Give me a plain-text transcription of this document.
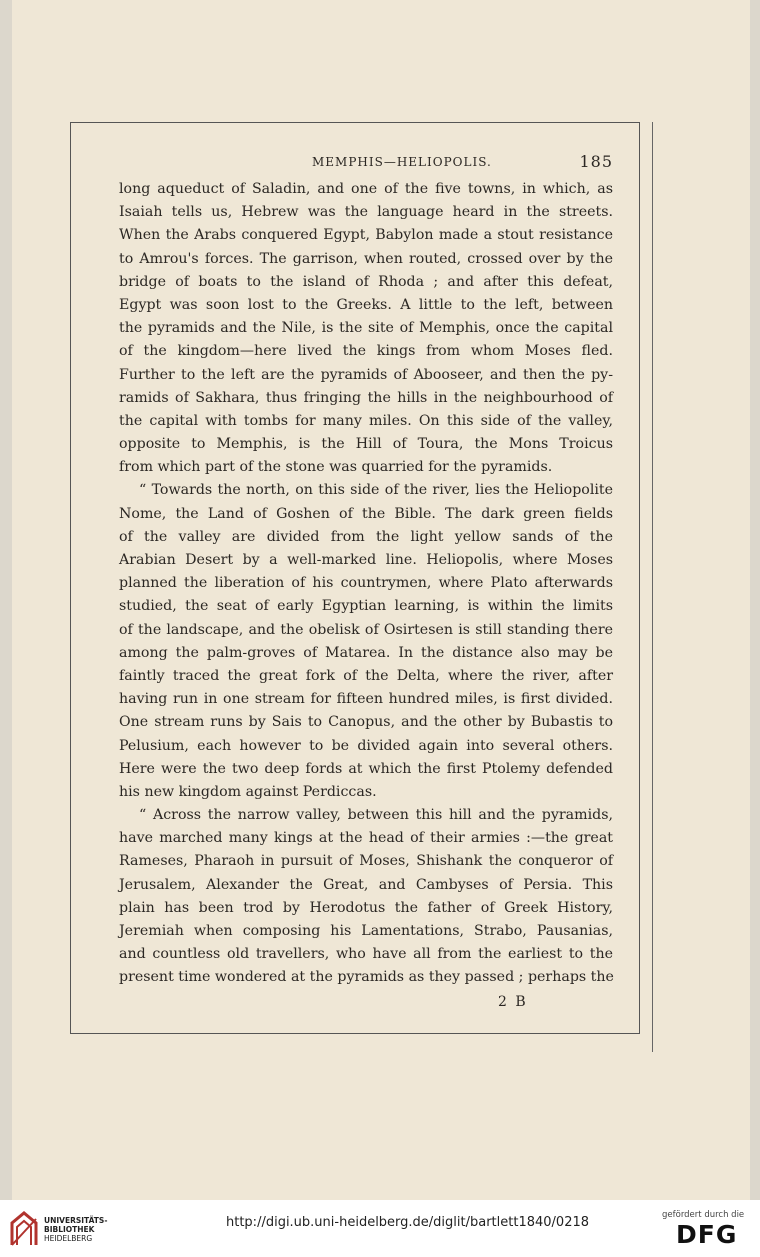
MEMPHIS—HELIOPOLIS.	185
long aqueduct of Saladin, and one of the five towns, in which, as
Isaiah tells us, Hebrew was the language heard in the streets.
When the Arabs conquered Egypt, Babylon made a stout resistance
to Amrou's forces. The garrison, when routed, crossed over by the
bridge of boats to the island of Rhoda ; and after this defeat,
Egypt was soon lost to the Greeks. A little to the left, between
the pyramids and the Nile, is the site of Memphis, once the capital
of the kingdom—here lived the kings from whom Moses fled.
Further to the left are the pyramids of Abooseer, and then the py-
ramids of Sakhara, thus fringing the hills in the neighbourhood of
the capital with tombs for many miles. On this side of the valley,
opposite to Memphis, is the Hill of Toura, the Mons Troicus
from which part of the stone was quarried for the pyramids.
“ Towards the north, on this side of the river, lies the Heliopolite
Nome, the Land of Goshen of the Bible. The dark green fields
of the valley are divided from the light yellow sands of the
Arabian Desert by a well-marked line. Heliopolis, where Moses
planned the liberation of his countrymen, where Plato afterwards
studied, the seat of early Egyptian learning, is within the limits
of the landscape, and the obelisk of Osirtesen is still standing there
among the palm-groves of Matarea. In the distance also may be
faintly traced the great fork of the Delta, where the river, after
having run in one stream for fifteen hundred miles, is first divided.
One stream runs by Sais to Canopus, and the other by Bubastis to
Pelusium, each however to be divided again into several others.
Here were the two deep fords at which the first Ptolemy defended
his new kingdom against Perdiccas.
“ Across the narrow valley, between this hill and the pyramids,
have marched many kings at the head of their armies :—the great
Rameses, Pharaoh in pursuit of Moses, Shishank the conqueror of
Jerusalem, Alexander the Great, and Cambyses of Persia. This
plain has been trod by Herodotus the father of Greek History,
Jeremiah when composing his Lamentations, Strabo, Pausanias,
and countless old travellers, who have all from the earliest to the
present time wondered at the pyramids as they passed ; perhaps the
2 B
UNIVERSITÄTS-
BIBLIOTHEK
HEIDELBERG
http://digi.ub.uni-heidelberg.de/diglit/bartlett1840/0218	gefördert durch die
DFG
